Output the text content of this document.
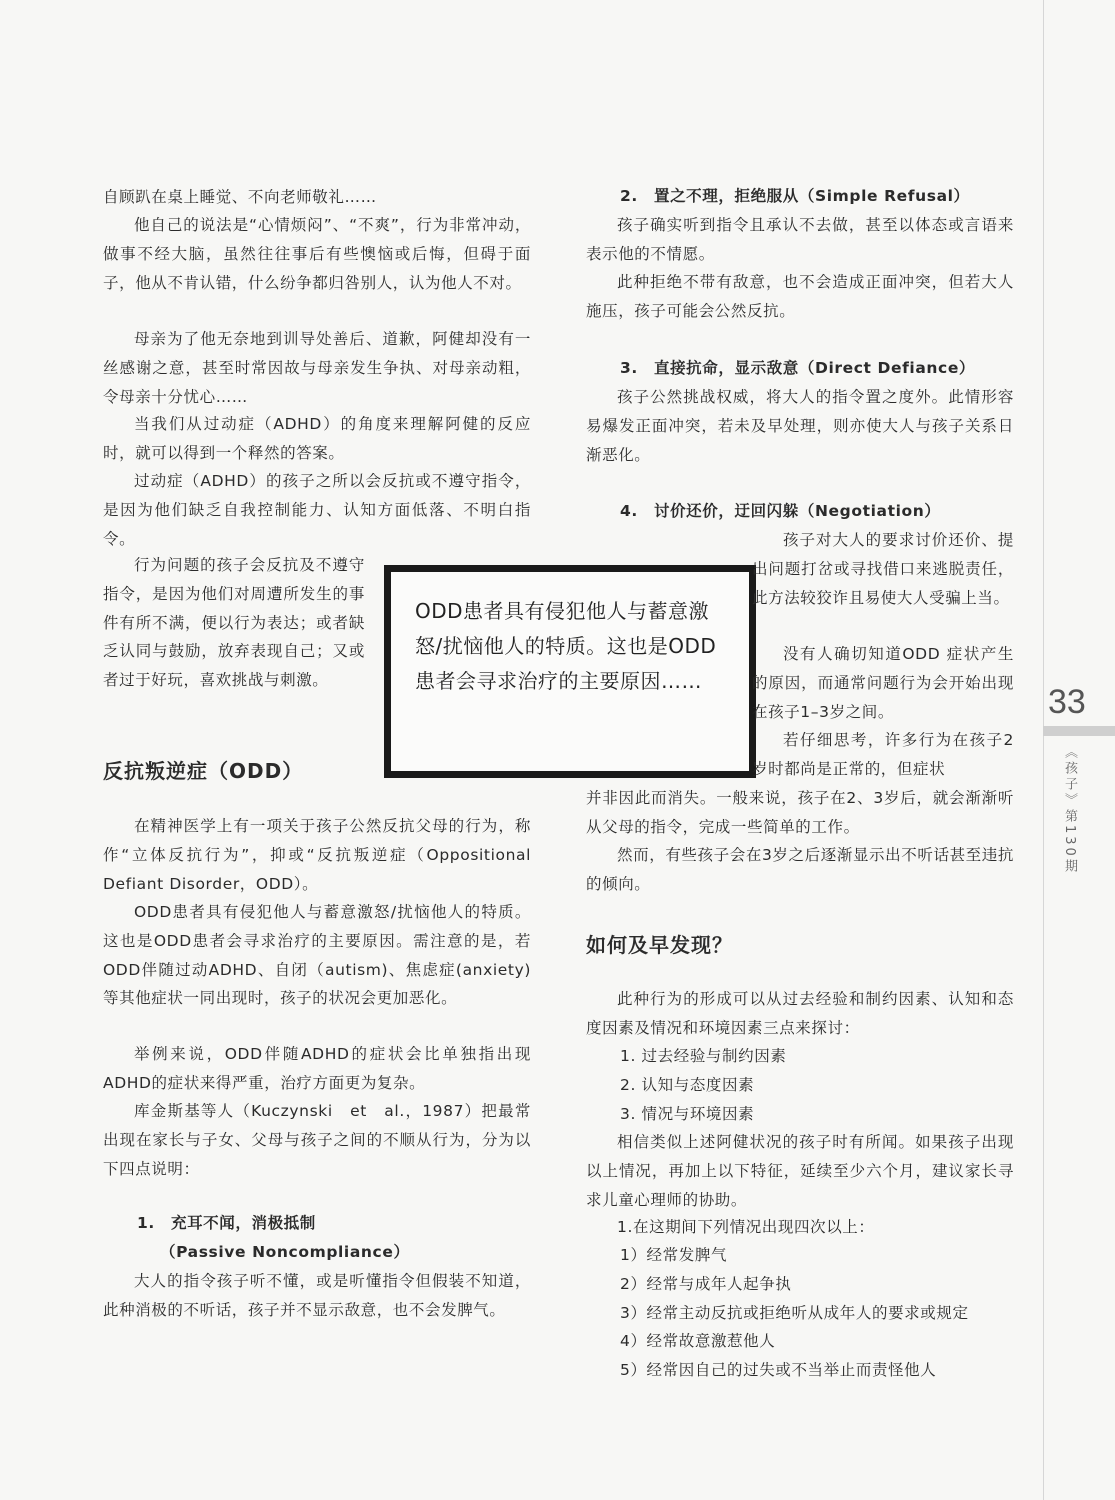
33
《孩子》第130期

自顾趴在桌上睡觉、不向老师敬礼……

他自己的说法是“心情烦闷”、“不爽”，行为非常冲动，做事不经大脑，虽然往往事后有些懊恼或后悔，但碍于面子，他从不肯认错，什么纷争都归咎别人，认为他人不对。

母亲为了他无奈地到训导处善后、道歉，阿健却没有一丝感谢之意，甚至时常因故与母亲发生争执、对母亲动粗，令母亲十分忧心……

当我们从过动症（ADHD）的角度来理解阿健的反应时，就可以得到一个释然的答案。

过动症（ADHD）的孩子之所以会反抗或不遵守指令，是因为他们缺乏自我控制能力、认知方面低落、不明白指令。

行为问题的孩子会反抗及不遵守指令，是因为他们对周遭所发生的事件有所不满，便以行为表达；或者缺乏认同与鼓励，放弃表现自己；又或者过于好玩，喜欢挑战与刺激。

ODD患者具有侵犯他人与蓄意激怒/扰恼他人的特质。这也是ODD患者会寻求治疗的主要原因……

反抗叛逆症（ODD）

在精神医学上有一项关于孩子公然反抗父母的行为，称作“立体反抗行为”，抑或“反抗叛逆症（Oppositional Defiant Disorder，ODD）。

ODD患者具有侵犯他人与蓄意激怒/扰恼他人的特质。这也是ODD患者会寻求治疗的主要原因。需注意的是，若ODD伴随过动ADHD、自闭（autism)、焦虑症(anxiety)等其他症状一同出现时，孩子的状况会更加恶化。

举例来说，ODD伴随ADHD的症状会比单独指出现ADHD的症状来得严重，治疗方面更为复杂。

库金斯基等人（Kuczynski　et　al.，1987）把最常出现在家长与子女、父母与孩子之间的不顺从行为，分为以下四点说明：

1.　充耳不闻，消极抵制
（Passive Noncompliance）

大人的指令孩子听不懂，或是听懂指令但假装不知道，此种消极的不听话，孩子并不显示敌意，也不会发脾气。

2.　置之不理，拒绝服从（Simple Refusal）

孩子确实听到指令且承认不去做，甚至以体态或言语来表示他的不情愿。

此种拒绝不带有敌意，也不会造成正面冲突，但若大人施压，孩子可能会公然反抗。

3.　直接抗命，显示敌意（Direct Defiance）

孩子公然挑战权威，将大人的指令置之度外。此情形容易爆发正面冲突，若未及早处理，则亦使大人与孩子关系日渐恶化。

4.　讨价还价，迂回闪躲（Negotiation）

孩子对大人的要求讨价还价、提出问题打岔或寻找借口来逃脱责任，此方法较狡诈且易使大人受骗上当。

没有人确切知道ODD 症状产生的原因，而通常问题行为会开始出现在孩子1–3岁之间。

若仔细思考，许多行为在孩子2岁时都尚是正常的，但症状

并非因此而消失。一般来说，孩子在2、3岁后，就会渐渐听从父母的指令，完成一些简单的工作。

然而，有些孩子会在3岁之后逐渐显示出不听话甚至违抗的倾向。

如何及早发现？

此种行为的形成可以从过去经验和制约因素、认知和态度因素及情况和环境因素三点来探讨：

1. 过去经验与制约因素
2. 认知与态度因素
3. 情况与环境因素

相信类似上述阿健状况的孩子时有所闻。如果孩子出现以上情况，再加上以下特征，延续至少六个月，建议家长寻求儿童心理师的协助。

1.在这期间下列情况出现四次以上：

1）经常发脾气
2）经常与成年人起争执
3）经常主动反抗或拒绝听从成年人的要求或规定
4）经常故意激惹他人
5）经常因自己的过失或不当举止而责怪他人
